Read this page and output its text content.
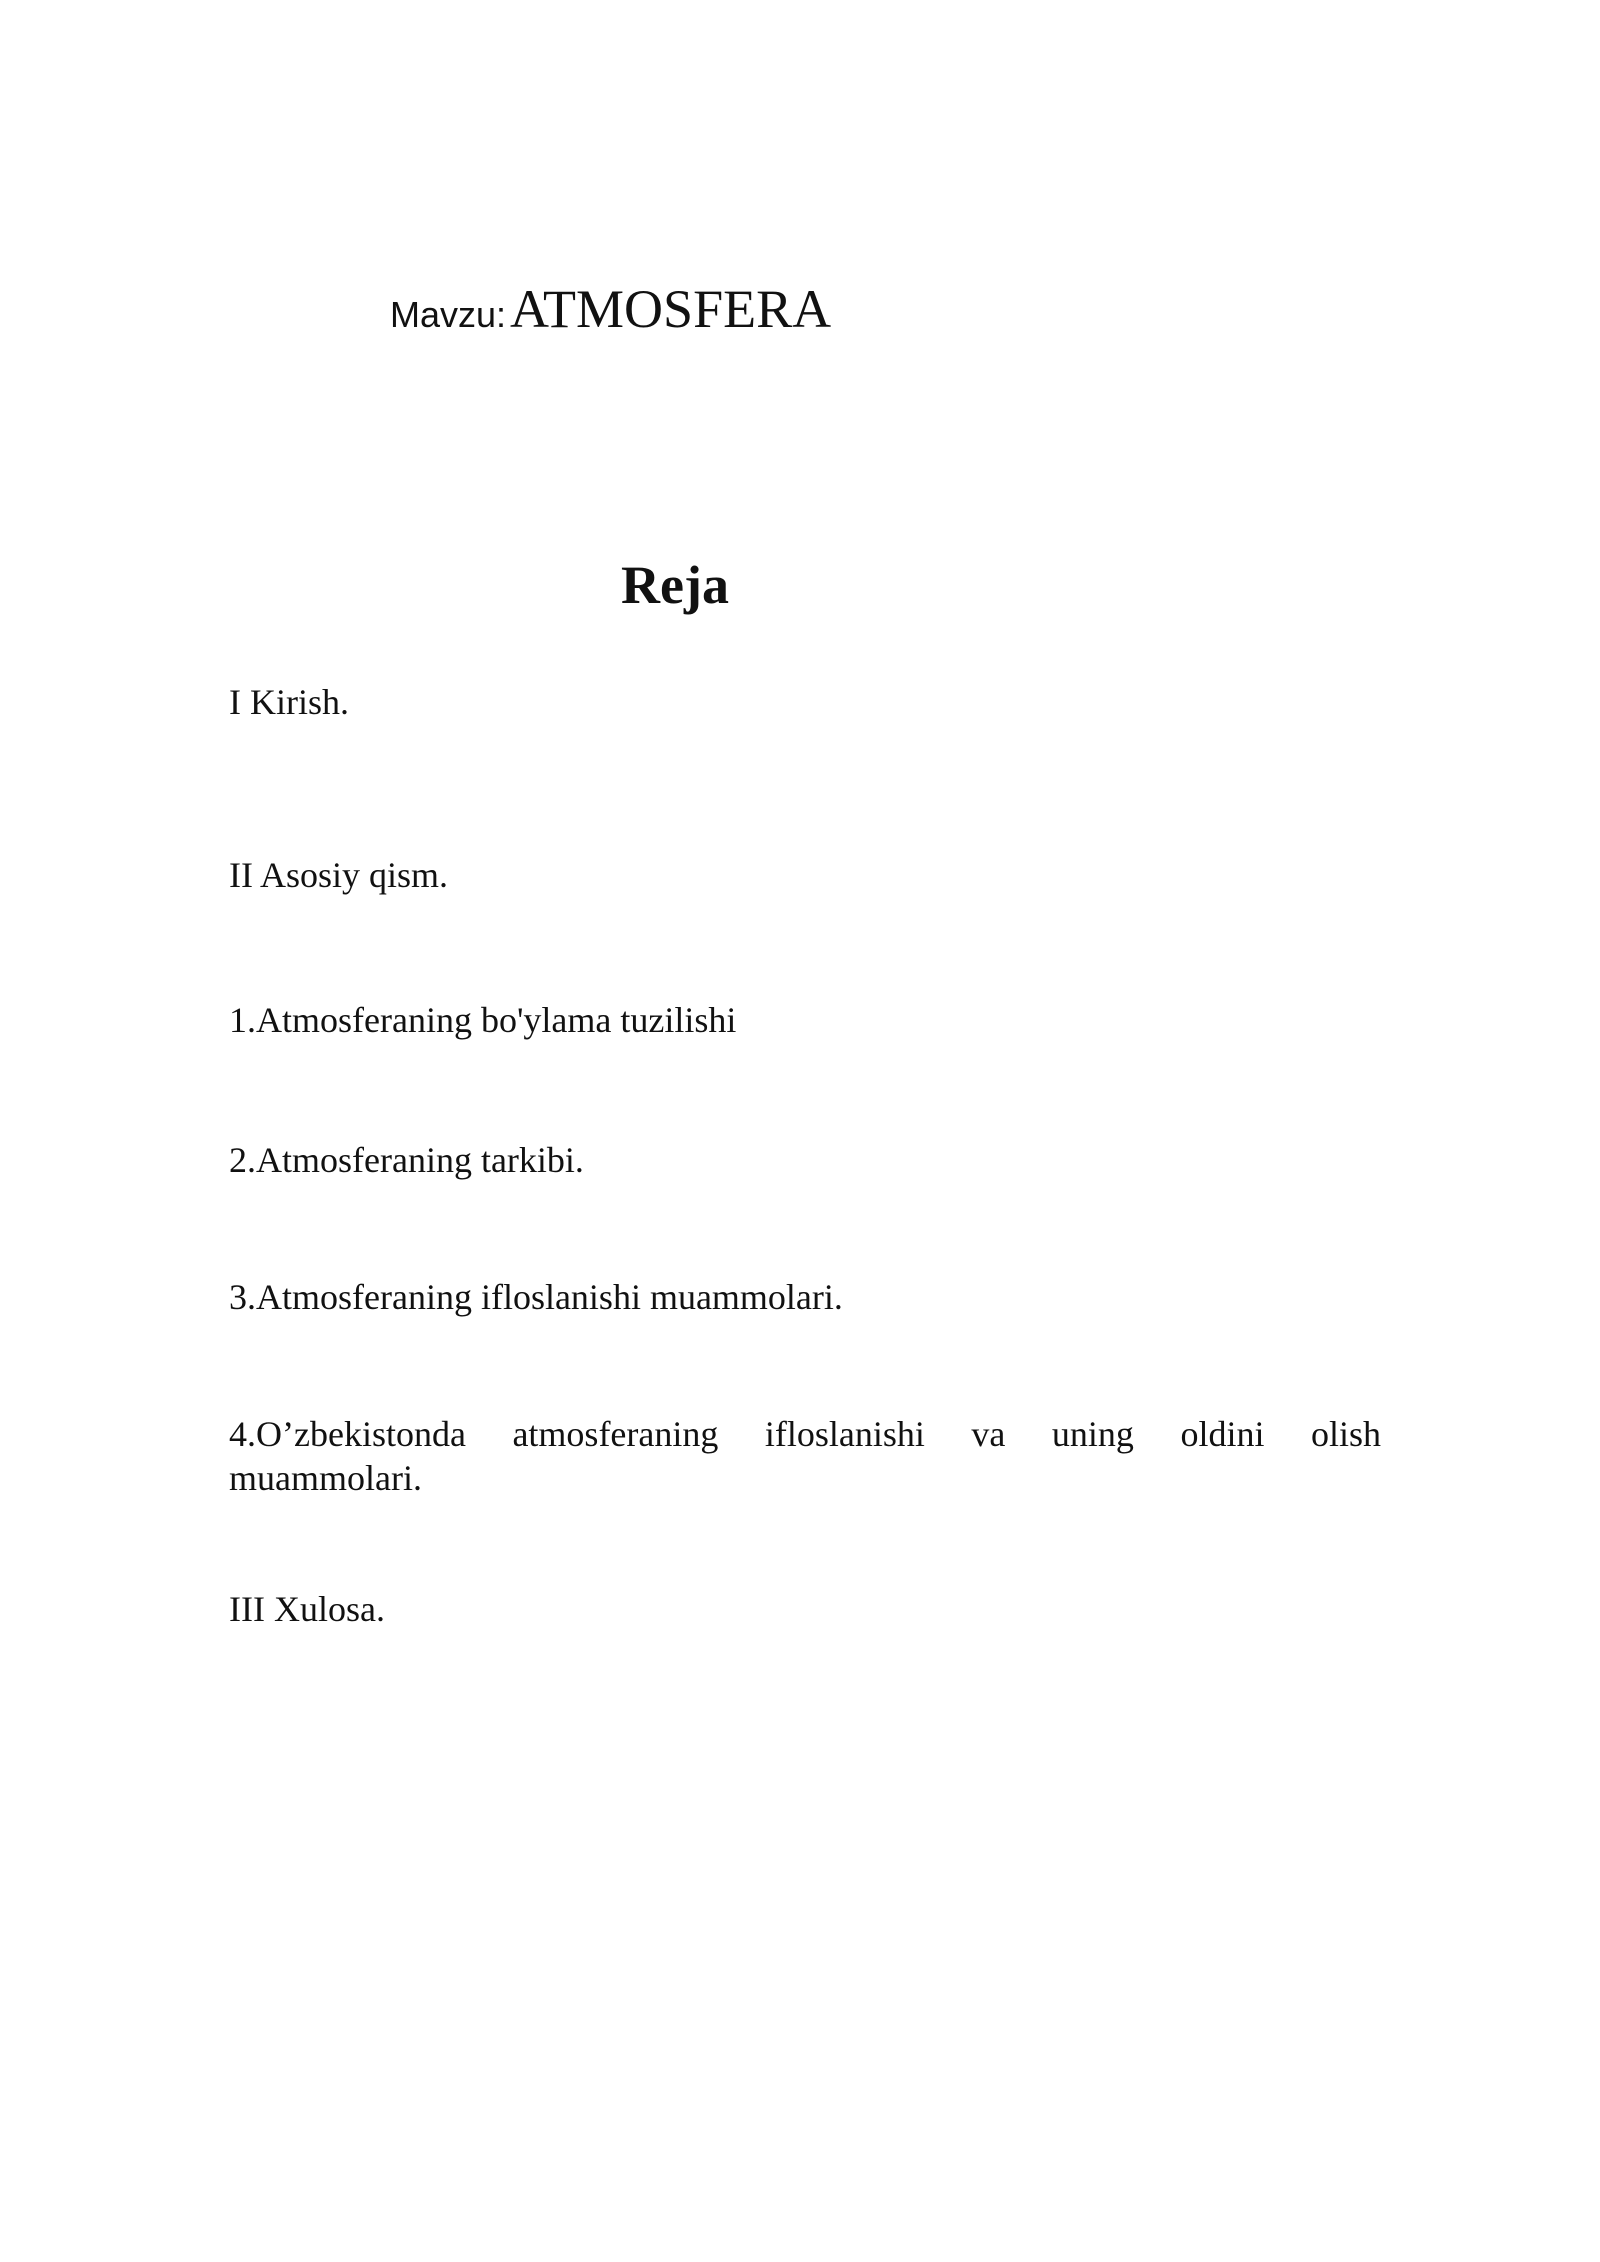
Mavzu: ATMOSFERA
Reja
I Kirish.
II Asosiy qism.
1.Atmosferaning bo'ylama tuzilishi
2.Atmosferaning tarkibi.
3.Atmosferaning ifloslanishi muammolari.
4.O’zbekistonda atmosferaning ifloslanishi va uning oldini olish
muammolari.
III Xulosa.
